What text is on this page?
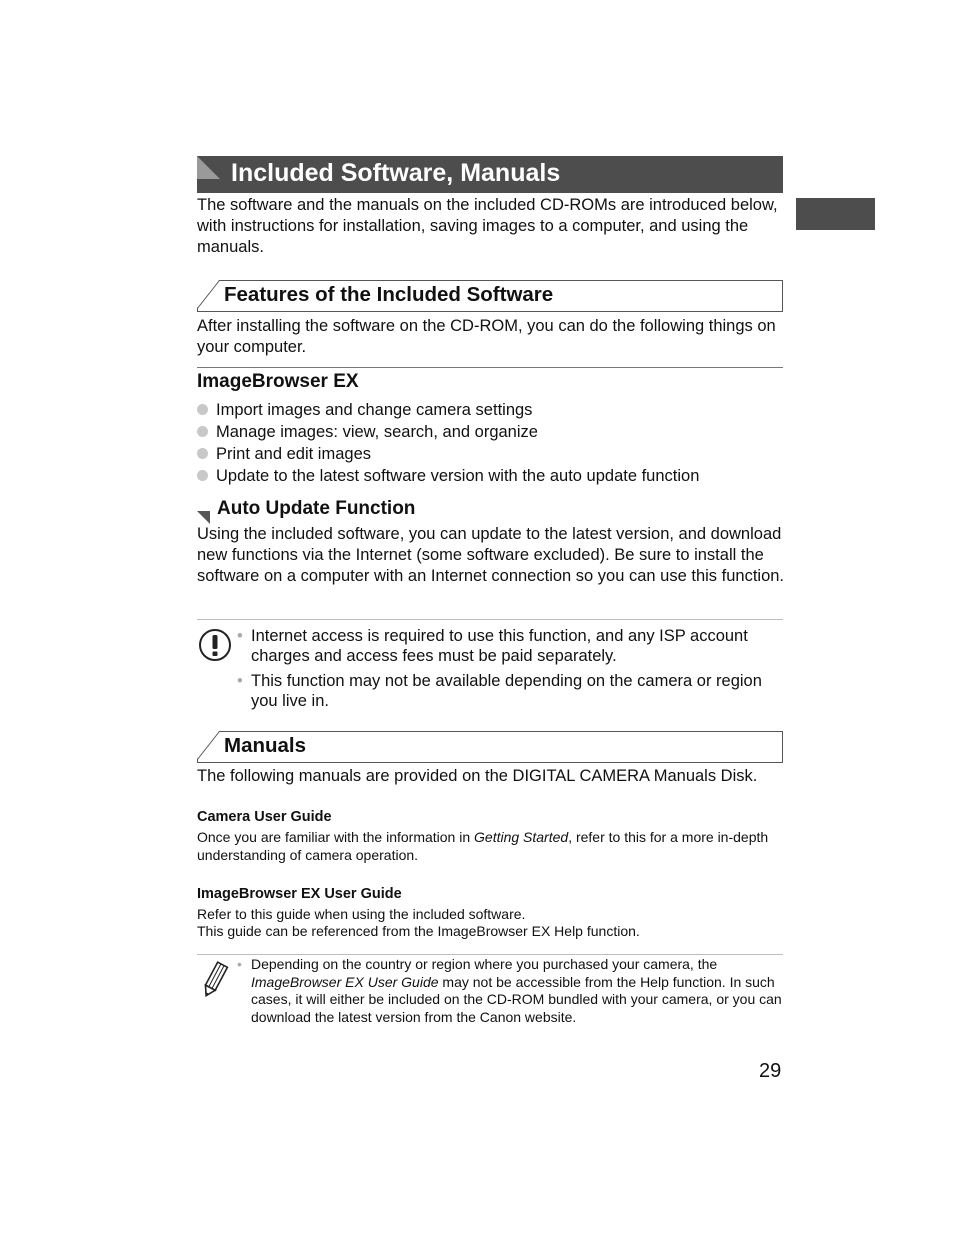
Included Software, Manuals
The software and the manuals on the included CD-ROMs are introduced below, with instructions for installation, saving images to a computer, and using the manuals.
Features of the Included Software
After installing the software on the CD-ROM, you can do the following things on your computer.
ImageBrowser EX
Import images and change camera settings
Manage images: view, search, and organize
Print and edit images
Update to the latest software version with the auto update function
Auto Update Function
Using the included software, you can update to the latest version, and download new functions via the Internet (some software excluded). Be sure to install the software on a computer with an Internet connection so you can use this function.
• Internet access is required to use this function, and any ISP account charges and access fees must be paid separately.
• This function may not be available depending on the camera or region you live in.
Manuals
The following manuals are provided on the DIGITAL CAMERA Manuals Disk.
Camera User Guide
Once you are familiar with the information in Getting Started, refer to this for a more in-depth understanding of camera operation.
ImageBrowser EX User Guide
Refer to this guide when using the included software.
This guide can be referenced from the ImageBrowser EX Help function.
• Depending on the country or region where you purchased your camera, the ImageBrowser EX User Guide may not be accessible from the Help function. In such cases, it will either be included on the CD-ROM bundled with your camera, or you can download the latest version from the Canon website.
29
